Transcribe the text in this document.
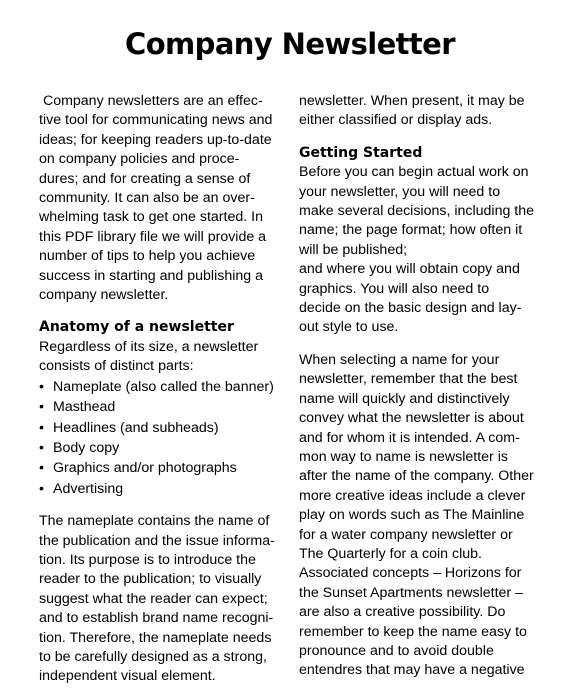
Company Newsletter

Company newsletters are an effec-
tive tool for communicating news and
ideas; for keeping readers up-to-date
on company policies and proce-
dures; and for creating a sense of
community. It can also be an over-
whelming task to get one started. In
this PDF library file we will provide a
number of tips to help you achieve
success in starting and publishing a
company newsletter.

Anatomy of a newsletter

Regardless of its size, a newsletter
consists of distinct parts:

• Nameplate (also called the banner)
• Masthead
• Headlines (and subheads)
• Body copy
• Graphics and/or photographs
• Advertising

The nameplate contains the name of
the publication and the issue informa-
tion. Its purpose is to introduce the
reader to the publication; to visually
suggest what the reader can expect;
and to establish brand name recogni-
tion. Therefore, the nameplate needs
to be carefully designed as a strong,
independent visual element.

newsletter. When present, it may be
either classified or display ads.

Getting Started

Before you can begin actual work on
your newsletter, you will need to
make several decisions, including the
name; the page format; how often it
will be published;
and where you will obtain copy and
graphics. You will also need to
decide on the basic design and lay-
out style to use.

When selecting a name for your
newsletter, remember that the best
name will quickly and distinctively
convey what the newsletter is about
and for whom it is intended. A com-
mon way to name is newsletter is
after the name of the company. Other
more creative ideas include a clever
play on words such as The Mainline
for a water company newsletter or
The Quarterly for a coin club.
Associated concepts – Horizons for
the Sunset Apartments newsletter –
are also a creative possibility. Do
remember to keep the name easy to
pronounce and to avoid double
entendres that may have a negative
